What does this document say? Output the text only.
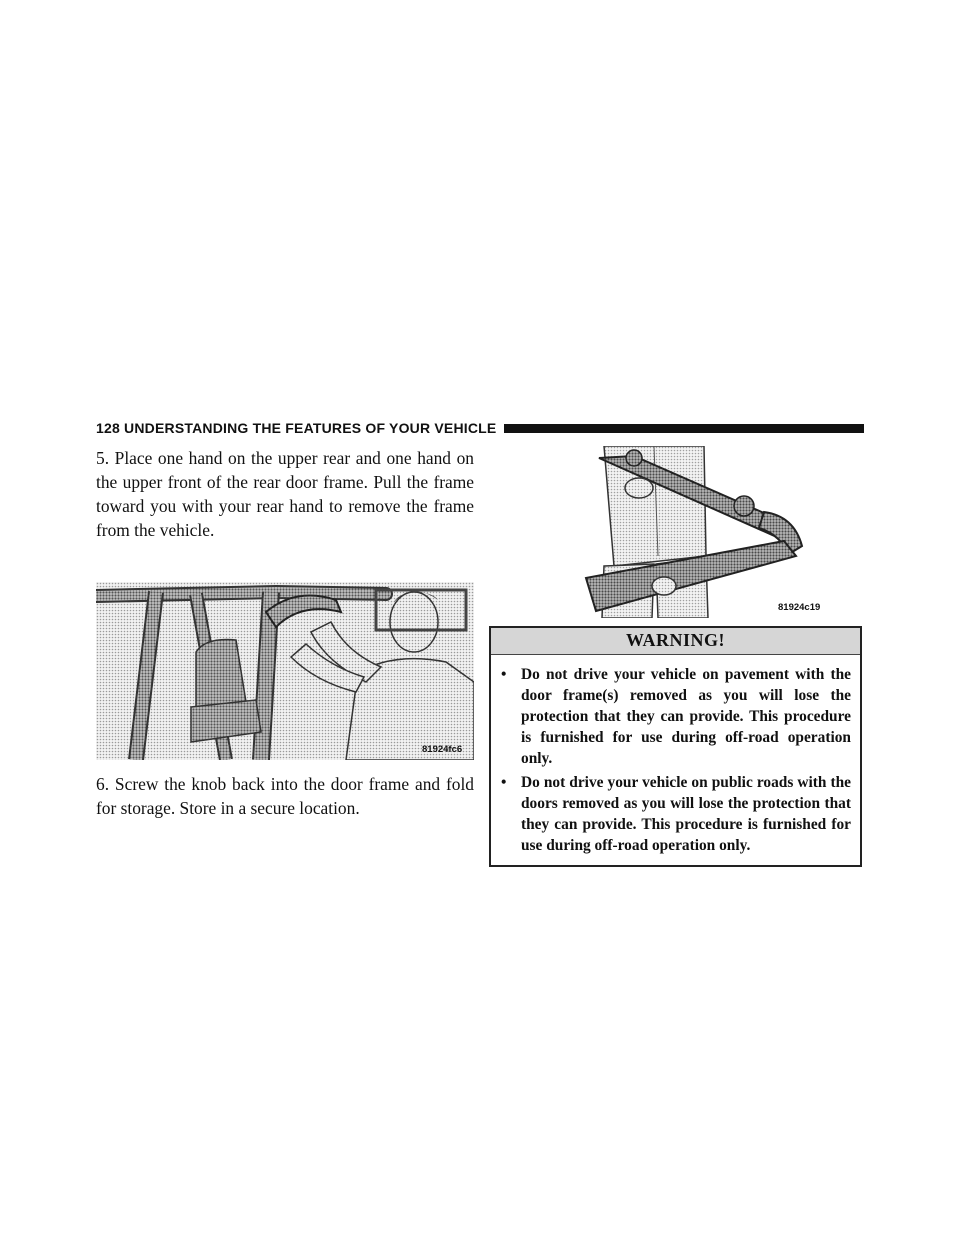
128 UNDERSTANDING THE FEATURES OF YOUR VEHICLE

5. Place one hand on the upper rear and one hand on the upper front of the rear door frame. Pull the frame toward you with your rear hand to remove the frame from the vehicle.

81924fc6

6. Screw the knob back into the door frame and fold for storage. Store in a secure location.

81924c19
WARNING!
• Do not drive your vehicle on pavement with the door frame(s) removed as you will lose the protection that they can provide. This procedure is furnished for use during off-road operation only.
• Do not drive your vehicle on public roads with the doors removed as you will lose the protection that they can provide. This procedure is furnished for use during off-road operation only.
